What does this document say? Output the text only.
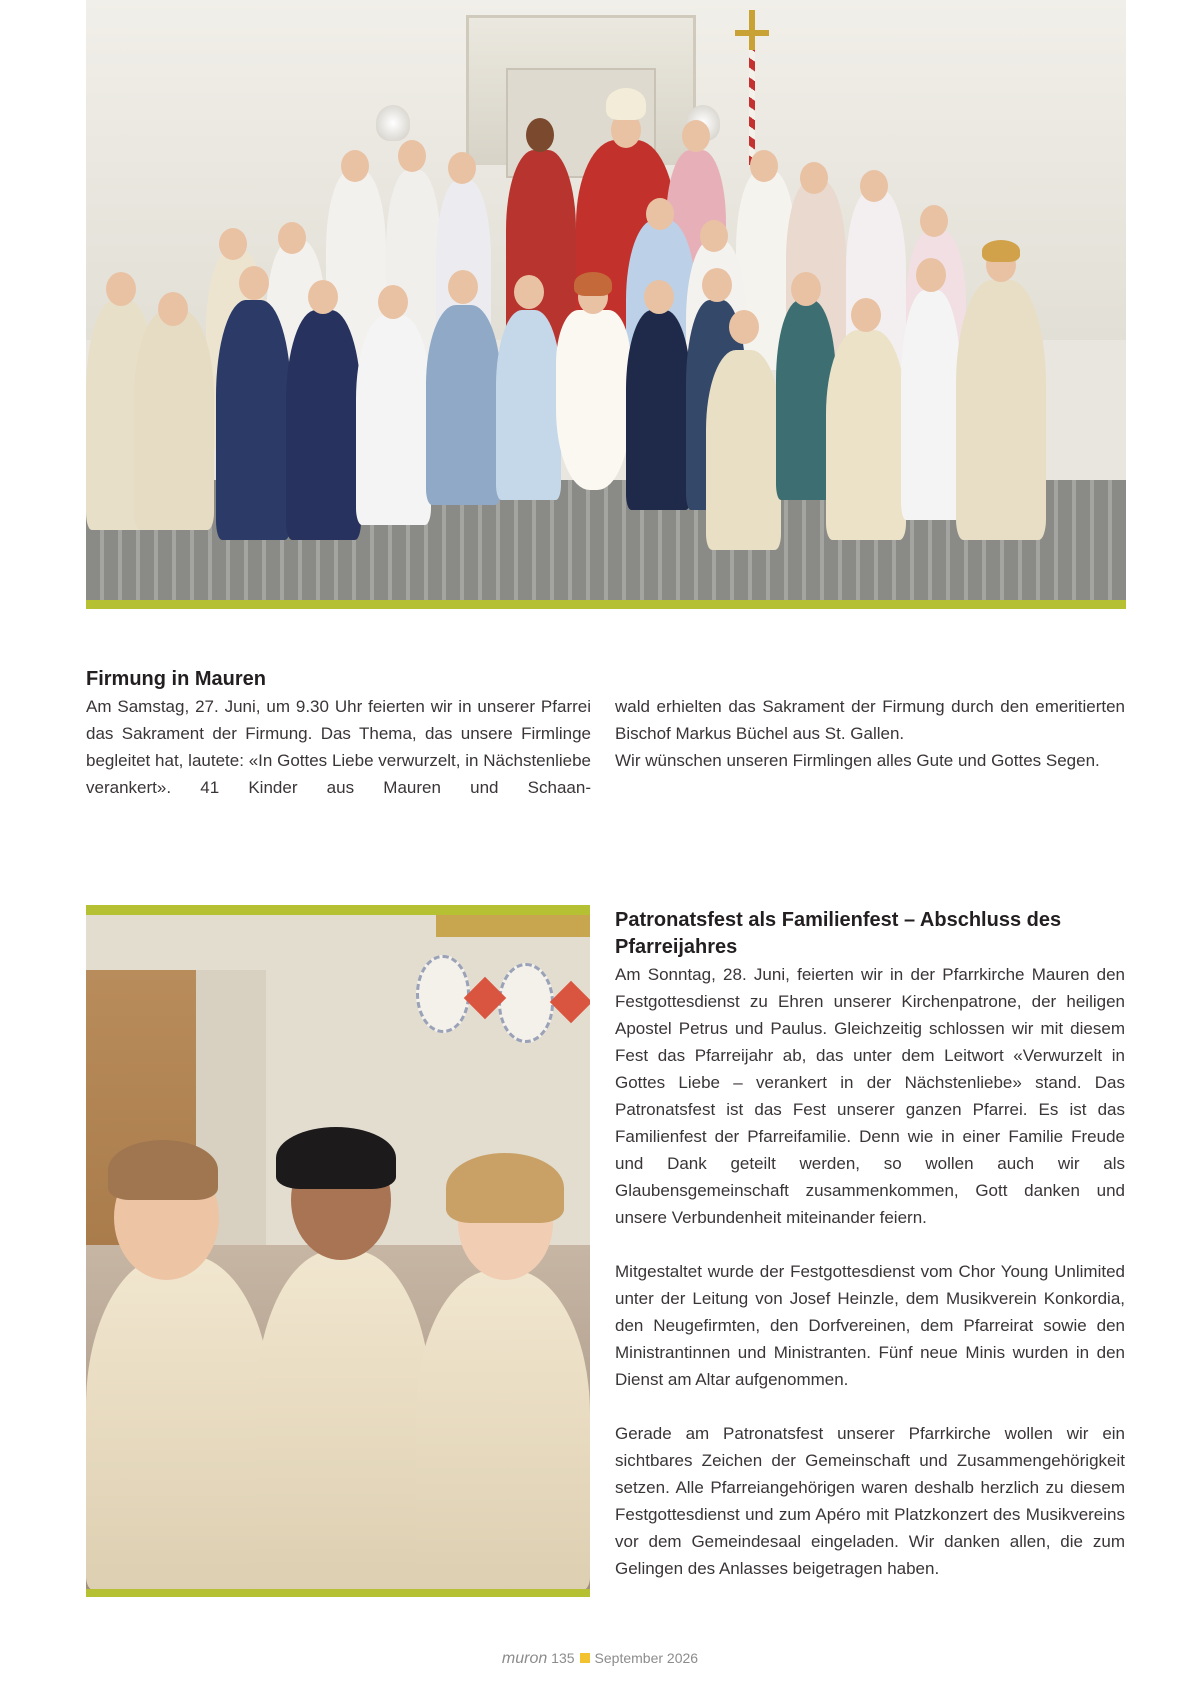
Firmung in Mauren
Am Samstag, 27. Juni, um 9.30 Uhr feierten wir in unserer Pfarrei das Sakrament der Firmung. Das Thema, das unsere Firmlinge begleitet hat, lautete: «In Gottes Liebe verwurzelt, in Nächstenliebe verankert». 41 Kinder aus Mauren und Schaan-
wald erhielten das Sakrament der Firmung durch den emeritierten Bischof Markus Büchel aus St. Gallen.
Wir wünschen unseren Firmlingen alles Gute und Gottes Segen.
Patronatsfest als Familienfest – Abschluss des Pfarreijahres
Am Sonntag, 28. Juni, feierten wir in der Pfarrkirche Mauren den Festgottesdienst zu Ehren unserer Kirchenpatrone, der heiligen Apostel Petrus und Paulus. Gleichzeitig schlossen wir mit diesem Fest das Pfarreijahr ab, das unter dem Leitwort «Verwurzelt in Gottes Liebe – verankert in der Nächstenliebe» stand. Das Patronatsfest ist das Fest unserer ganzen Pfarrei. Es ist das Familienfest der Pfarreifamilie. Denn wie in einer Familie Freude und Dank geteilt werden, so wollen auch wir als Glaubensgemeinschaft zusammenkommen, Gott danken und unsere Verbundenheit miteinander feiern.
Mitgestaltet wurde der Festgottesdienst vom Chor Young Unlimited unter der Leitung von Josef Heinzle, dem Musikverein Konkordia, den Neugefirmten, den Dorfvereinen, dem Pfarreirat sowie den Ministrantinnen und Ministranten. Fünf neue Minis wurden in den Dienst am Altar aufgenommen.
Gerade am Patronatsfest unserer Pfarrkirche wollen wir ein sichtbares Zeichen der Gemeinschaft und Zusammengehörigkeit setzen. Alle Pfarreiangehörigen waren deshalb herzlich zu diesem Festgottesdienst und zum Apéro mit Platzkonzert des Musikvereins vor dem Gemeindesaal eingeladen. Wir danken allen, die zum Gelingen des Anlasses beigetragen haben.
muron 135 September 2026
